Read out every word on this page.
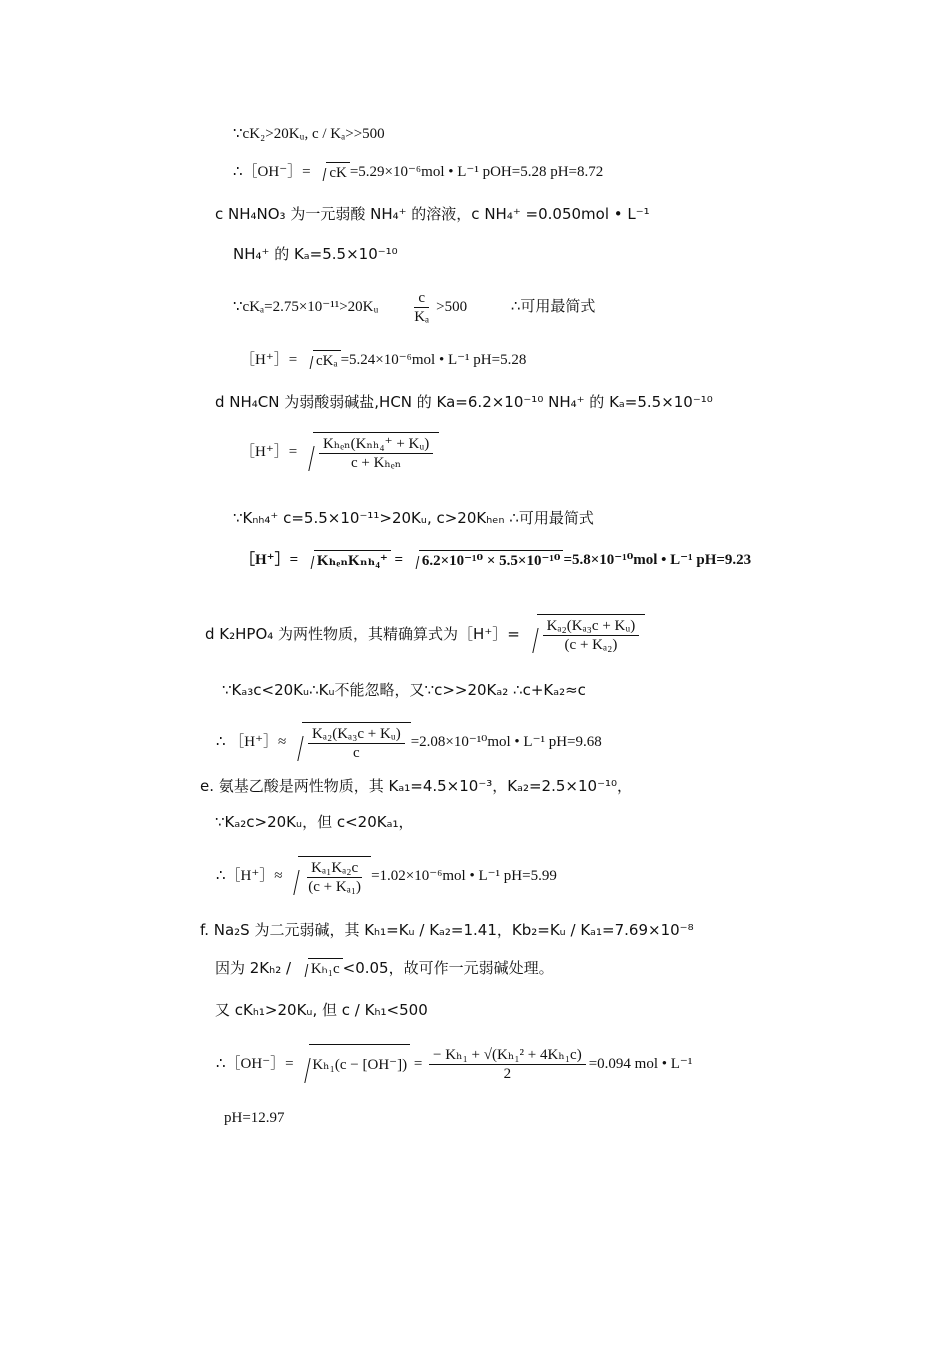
∵cK₂>20Kᵤ, c / Kₐ>>500
∴［OH⁻］= cK =5.29×10⁻⁶mol • L⁻¹ pOH=5.28 pH=8.72
c NH₄NO₃ 为一元弱酸 NH₄⁺ 的溶液，c NH₄⁺ =0.050mol • L⁻¹
NH₄⁺ 的 Kₐ=5.5×10⁻¹⁰
∵cKₐ=2.75×10⁻¹¹>20Kᵤ $\frac{c}{\text{Kₐ}} >500$	∴可用最简式
［H⁺］= cKₐ =5.24×10⁻⁶mol • L⁻¹ pH=5.28
d NH₄CN 为弱酸弱碱盐,HCN 的 Ka=6.2×10⁻¹⁰ NH₄⁺ 的 Kₐ=5.5×10⁻¹⁰
［H⁺］= $\frac{\text{Kₕₑₙ(Kₙₕ₄⁺ + Kᵤ)}}{\text{c + Kₕₑₙ}}$
∵Kₙₕ₄⁺ c=5.5×10⁻¹¹>20Kᵤ, c>20Kₕₑₙ ∴可用最简式
［H⁺］= KₕₑₙKₙₕ₄⁺ = 6.2×10⁻¹⁰ × 5.5×10⁻¹⁰ =5.8×10⁻¹⁰mol • L⁻¹ pH=9.23
d K₂HPO₄ 为两性物质，其精确算式为［H⁺］= $\frac{\text{Kₐ₂(Kₐ₃c + Kᵤ)}}{\text{(c + Kₐ₂)}}$
∵Kₐ₃c<20Kᵤ∴Kᵤ不能忽略，又∵c>>20Kₐ₂ ∴c+Kₐ₂≈c
∴ ［H⁺］≈ $\frac{\text{Kₐ₂(Kₐ₃c + Kᵤ)}}{c} =2.08\times 10^{-10}mol$ • L⁻¹ pH=9.68
e. 氨基乙酸是两性物质，其 Kₐ₁=4.5×10⁻³，Kₐ₂=2.5×10⁻¹⁰，
∵Kₐ₂c>20Kᵤ，但 c<20Kₐ₁，
∴［H⁺］≈ $\frac{\text{Kₐ₁Kₐ₂c}}{\text{(c + Kₐ₁)}} =1.02\times 10^{-6}mol$ • L⁻¹ pH=5.99
f. Na₂S 为二元弱碱，其 Kₕ₁=Kᵤ / Kₐ₂=1.41，Kb₂=Kᵤ / Kₐ₁=7.69×10⁻⁸
因为 2Kₕ₂ / Kₕ₁c <0.05，故可作一元弱碱处理。
又 cKₕ₁>20Kᵤ, 但 c / Kₕ₁<500
∴［OH⁻］= $K_{h1}(c - [OH^-]) = \frac{\text{− Kₕ₁ + √(Kₕ₁² + 4Kₕ₁c)}}{2} =0.094$ mol • L⁻¹
pH=12.97
